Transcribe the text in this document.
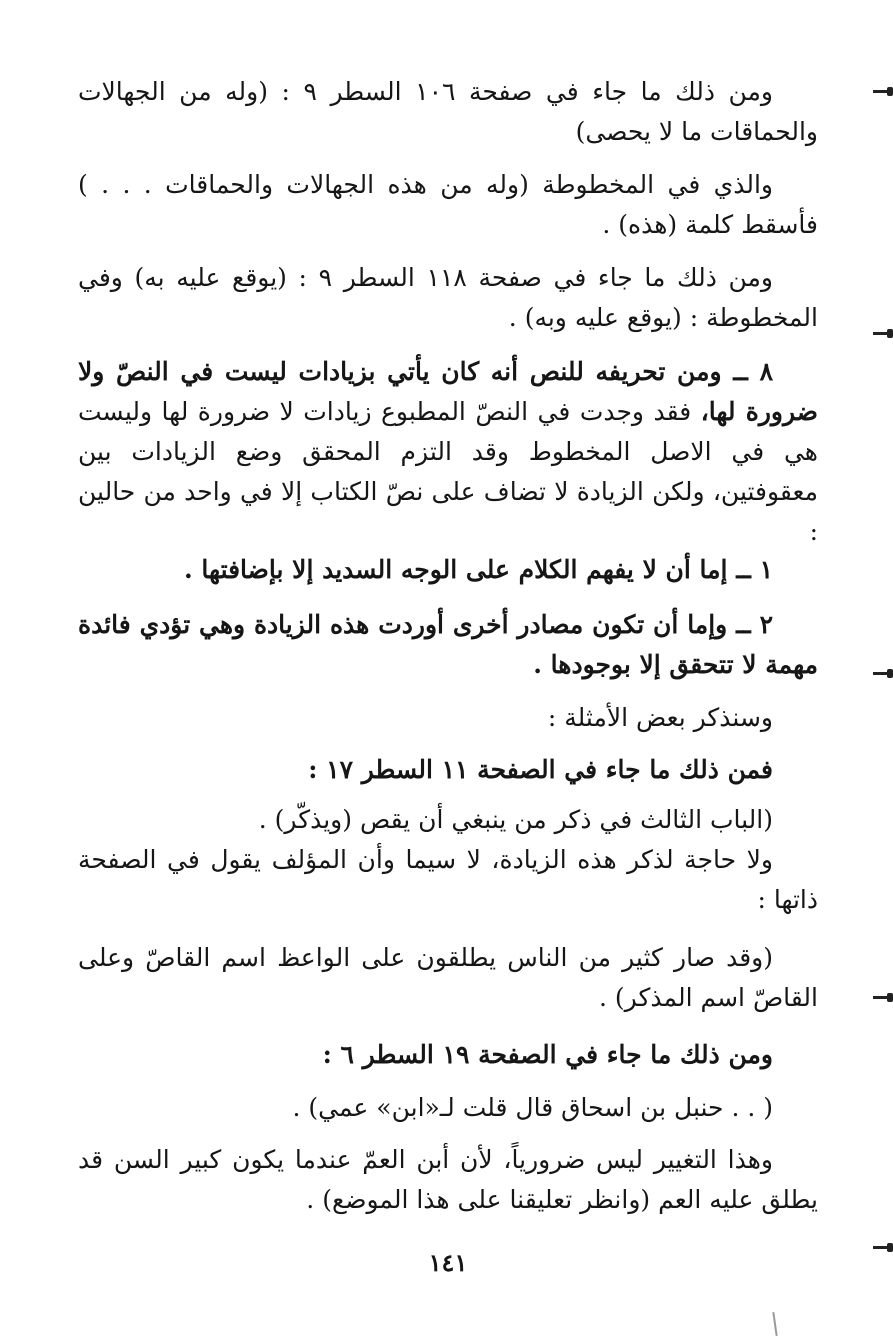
ومن ذلك ما جاء في صفحة ١٠٦ السطر ٩ : (وله من الجهالات والحماقات ما لا يحصى)

والذي في المخطوطة (وله من هذه الجهالات والحماقات . . . ) فأسقط كلمة (هذه) .

ومن ذلك ما جاء في صفحة ١١٨ السطر ٩ : (يوقع عليه به) وفي المخطوطة : (يوقع عليه وبه) .

٨ ــ ومن تحريفه للنص أنه كان يأتي بزيادات ليست في النصّ ولا ضرورة لها، فقد وجدت في النصّ المطبوع زيادات لا ضرورة لها وليست هي في الاصل المخطوط وقد التزم المحقق وضع الزيادات بين معقوفتين، ولكن الزيادة لا تضاف على نصّ الكتاب إلا في واحد من حالين :

١ ــ إما أن لا يفهم الكلام على الوجه السديد إلا بإضافتها .

٢ ــ وإما أن تكون مصادر أخرى أوردت هذه الزيادة وهي تؤدي فائدة مهمة لا تتحقق إلا بوجودها .

وسنذكر بعض الأمثلة :

فمن ذلك ما جاء في الصفحة ١١ السطر ١٧ :

(الباب الثالث في ذكر من ينبغي أن يقص (ويذكّر) .

ولا حاجة لذكر هذه الزيادة، لا سيما وأن المؤلف يقول في الصفحة ذاتها :

(وقد صار كثير من الناس يطلقون على الواعظ اسم القاصّ وعلى القاصّ اسم المذكر) .

ومن ذلك ما جاء في الصفحة ١٩ السطر ٦ :

( . . حنبل بن اسحاق قال قلت لـ«ابن» عمي) .

وهذا التغيير ليس ضرورياً، لأن أبن العمّ عندما يكون كبير السن قد يطلق عليه العم (وانظر تعليقنا على هذا الموضع) .

١٤١
